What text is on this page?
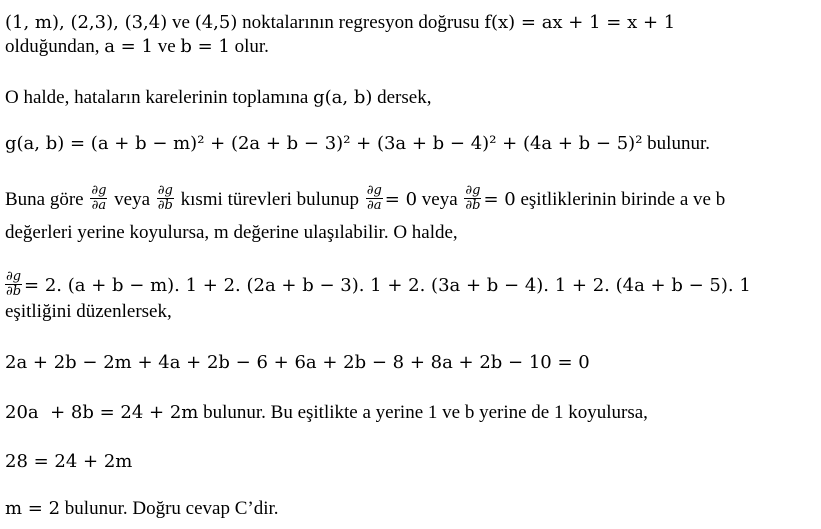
(1, m), (2,3), (3,4) ve (4,5) noktalarının regresyon doğrusu f(x) = ax + 1 = x + 1
olduğundan, a = 1 ve b = 1 olur.
O halde, hataların karelerinin toplamına g(a, b) dersek,
g(a, b) = (a + b − m)² + (2a + b − 3)² + (3a + b − 4)² + (4a + b − 5)² bulunur.
Buna göre $\frac{\partial g}{\partial a}$ veya $\frac{\partial g}{\partial b}$ kısmi türevleri bulunup $\frac{\partial g}{\partial a} = 0$ veya $\frac{\partial g}{\partial b} = 0$ eşitliklerinin birinde a ve b
değerleri yerine koyulursa, m değerine ulaşılabilir. O halde,
$\frac{\partial g}{\partial b} = 2$. (a + b − m). 1 + 2. (2a + b − 3). 1 + 2. (3a + b − 4). 1 + 2. (4a + b − 5). 1
eşitliğini düzenlersek,
2a + 2b − 2m + 4a + 2b − 6 + 6a + 2b − 8 + 8a + 2b − 10 = 0
20a  + 8b = 24 + 2m bulunur. Bu eşitlikte a yerine 1 ve b yerine de 1 koyulursa,
28 = 24 + 2m
m = 2 bulunur. Doğru cevap C’dir.
